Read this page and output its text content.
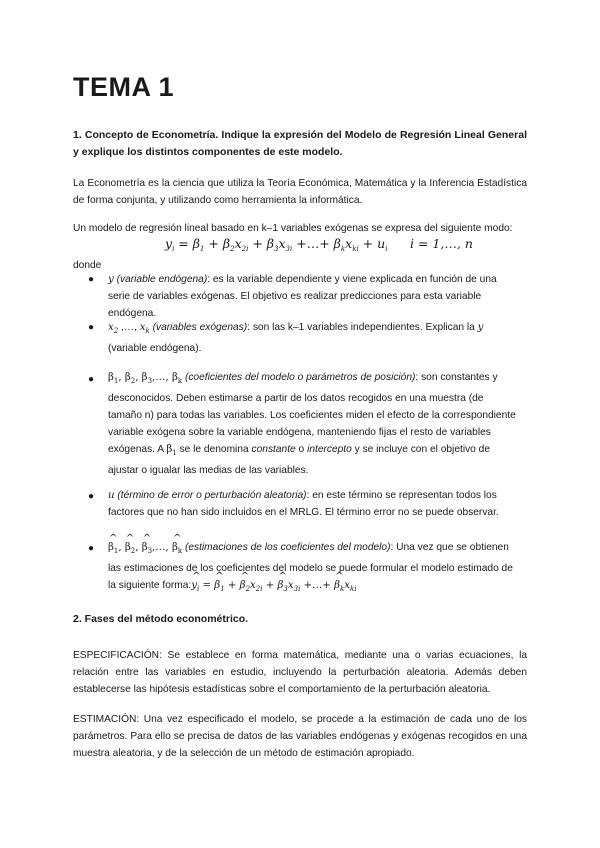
TEMA 1

1. Concepto de Econometría. Indique la expresión del Modelo de Regresión Lineal General y explique los distintos componentes de este modelo.

La Econometría es la ciencia que utiliza la Teoría Económica, Matemática y la Inferencia Estadística de forma conjunta, y utilizando como herramienta la informática.

Un modelo de regresión lineal basado en k–1 variables exógenas se expresa del siguiente modo:

$y_i = \beta_1 + \beta_2x_{2i} + \beta_3x_{3i}$ +…+ $\beta_kx_{ki} + u_i$ i = 1,…, n

donde

● y (variable endógena): es la variable dependiente y viene explicada en función de una serie de variables exógenas. El objetivo es realizar predicciones para esta variable endógena.

● $x_2$ ,…, $x_k$ (variables exógenas): son las k–1 variables independientes. Explican la y (variable endógena).

● $\beta_1$, $\beta_2$, $\beta_3,\dots$, $\beta_k$ (coeficientes del modelo o parámetros de posición): son constantes y desconocidos. Deben estimarse a partir de los datos recogidos en una muestra (de tamaño n) para todas las variables. Los coeficientes miden el efecto de la correspondiente variable exógena sobre la variable endógena, manteniendo fijas el resto de variables exógenas. A $\beta_1$ se le denomina constante o intercepto y se incluye con el objetivo de ajustar o igualar las medias de las variables.

● u (término de error o perturbación aleatoria): en este término se representan todos los factores que no han sido incluidos en el MRLG. El término error no se puede observar.

●

^ $\beta_1$, ^ $\beta_2$, ^ $\beta_3,\dots$, ^ $\beta_k$ (estimaciones de los coeficientes del modelo): Una vez que se obtienen las estimaciones de los coeficientes del modelo se puede formular el modelo estimado de la siguiente forma:^ $y_i$ = ^ $\beta_1$ + ^ $\beta_2x_{2i}$ + ^ $\beta_3x_{3i}$ +…+ ^ $\beta_kx_{ki}$

2. Fases del método econométrico.

ESPECIFICACIÓN: Se establece en forma matemática, mediante una o varias ecuaciones, la relación entre las variables en estudio, incluyendo la perturbación aleatoria. Además deben establecerse las hipótesis estadísticas sobre el comportamiento de la perturbación aleatoria.

ESTIMACIÓN: Una vez especificado el modelo, se procede a la estimación de cada uno de los parámetros. Para ello se precisa de datos de las variables endógenas y exógenas recogidos en una muestra aleatoria, y de la selección de un método de estimación apropiado.
